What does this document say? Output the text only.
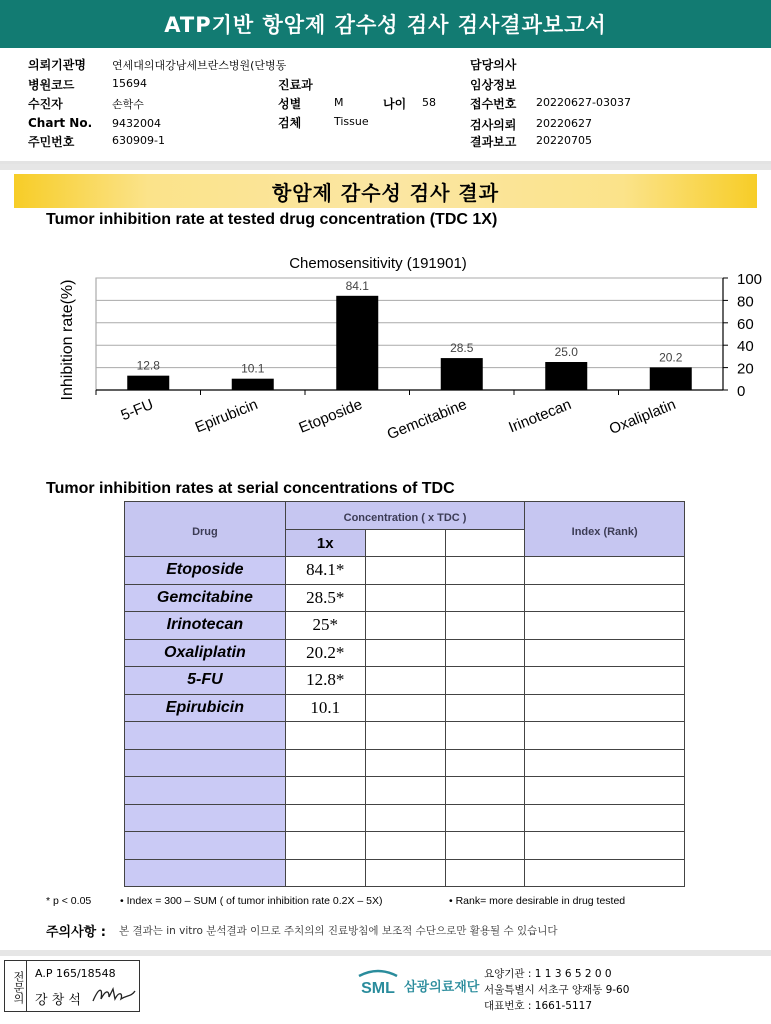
ATP기반 항암제 감수성 검사 검사결과보고서
의뢰기관명 연세대의대강남세브란스병원(단병동
병원코드	15694
수진자	손학수
Chart No. 9432004
주민번호	630909-1
진료과
성별	M	나이 58
검체	Tissue
담당의사
임상정보
접수번호 20220627-03037
검사의뢰 20220627
결과보고 20220705
항암제 감수성 검사 결과
Tumor inhibition rate at tested drug concentration (TDC 1X)
Chemosensitivity (191901)
Inhibition rate(%)
100
80
60
40
20
0
12.8
5-FU
10.1
Epirubicin
84.1
Etoposide
28.5
Gemcitabine
25.0
Irinotecan
20.2
Oxaliplatin
Tumor inhibition rates at serial concentrations of TDC
Drug	Concentration ( x TDC )			Index (Rank)
	1x			
Etoposide	84.1*			
Gemcitabine	28.5*			
Irinotecan	25*			
Oxaliplatin	20.2*			
5-FU	12.8*			
Epirubicin	10.1			

* p < 0.05	• Index = 300 – SUM ( of tumor inhibition rate 0.2X – 5X)	• Rank= more desirable in drug tested
주의사항 : 본 결과는 in vitro 분석결과 이므로 주치의의 진료방침에 보조적 수단으로만 활용될 수 있습니다
전문의 A.P 165/18548
강 창 석
SML 삼광의료재단
요양기관 : 1 1 3 6 5 2 0 0
서울특별시 서초구 양재동 9-60
대표번호 : 1661-5117
